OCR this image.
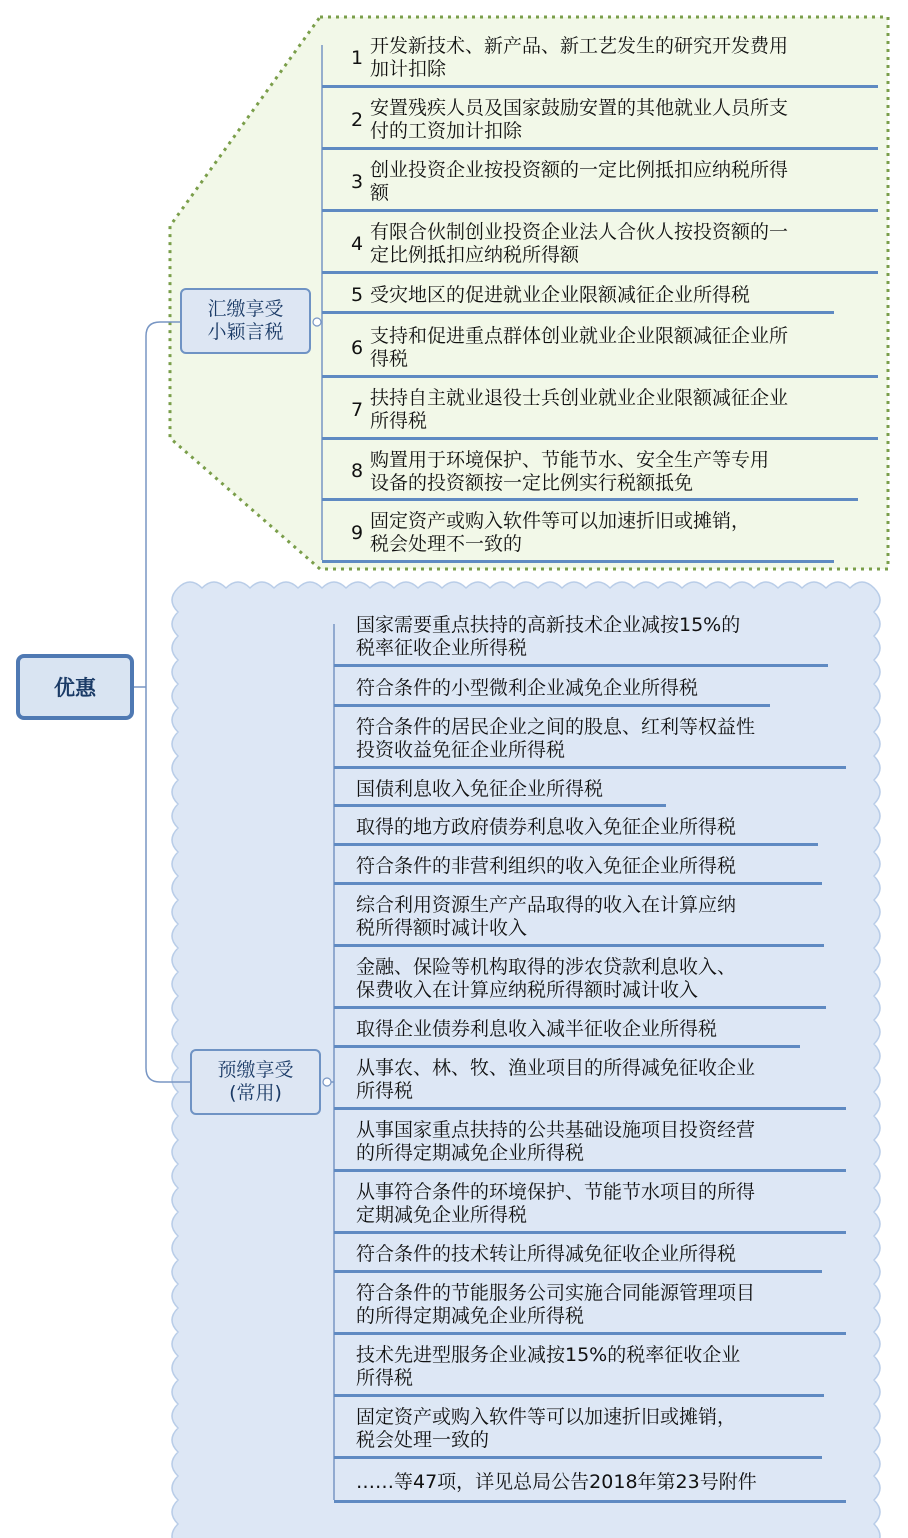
优惠
汇缴享受
小颖言税
预缴享受
(常用)
1
开发新技术、新产品、新工艺发生的研究开发费用
加计扣除
2
安置残疾人员及国家鼓励安置的其他就业人员所支
付的工资加计扣除
3
创业投资企业按投资额的一定比例抵扣应纳税所得
额
4
有限合伙制创业投资企业法人合伙人按投资额的一
定比例抵扣应纳税所得额
5 受灾地区的促进就业企业限额减征企业所得税
6
支持和促进重点群体创业就业企业限额减征企业所
得税
7
扶持自主就业退役士兵创业就业企业限额减征企业
所得税
8
购置用于环境保护、节能节水、安全生产等专用
设备的投资额按一定比例实行税额抵免
9
固定资产或购入软件等可以加速折旧或摊销，
税会处理不一致的
国家需要重点扶持的高新技术企业减按15%的
税率征收企业所得税
符合条件的小型微利企业减免企业所得税
符合条件的居民企业之间的股息、红利等权益性
投资收益免征企业所得税
国债利息收入免征企业所得税
取得的地方政府债券利息收入免征企业所得税
符合条件的非营利组织的收入免征企业所得税
综合利用资源生产产品取得的收入在计算应纳
税所得额时减计收入
金融、保险等机构取得的涉农贷款利息收入、
保费收入在计算应纳税所得额时减计收入
取得企业债券利息收入减半征收企业所得税
从事农、林、牧、渔业项目的所得减免征收企业
所得税
从事国家重点扶持的公共基础设施项目投资经营
的所得定期减免企业所得税
从事符合条件的环境保护、节能节水项目的所得
定期减免企业所得税
符合条件的技术转让所得减免征收企业所得税
符合条件的节能服务公司实施合同能源管理项目
的所得定期减免企业所得税
技术先进型服务企业减按15%的税率征收企业
所得税
固定资产或购入软件等可以加速折旧或摊销，
税会处理一致的
……等47项，详见总局公告2018年第23号附件
